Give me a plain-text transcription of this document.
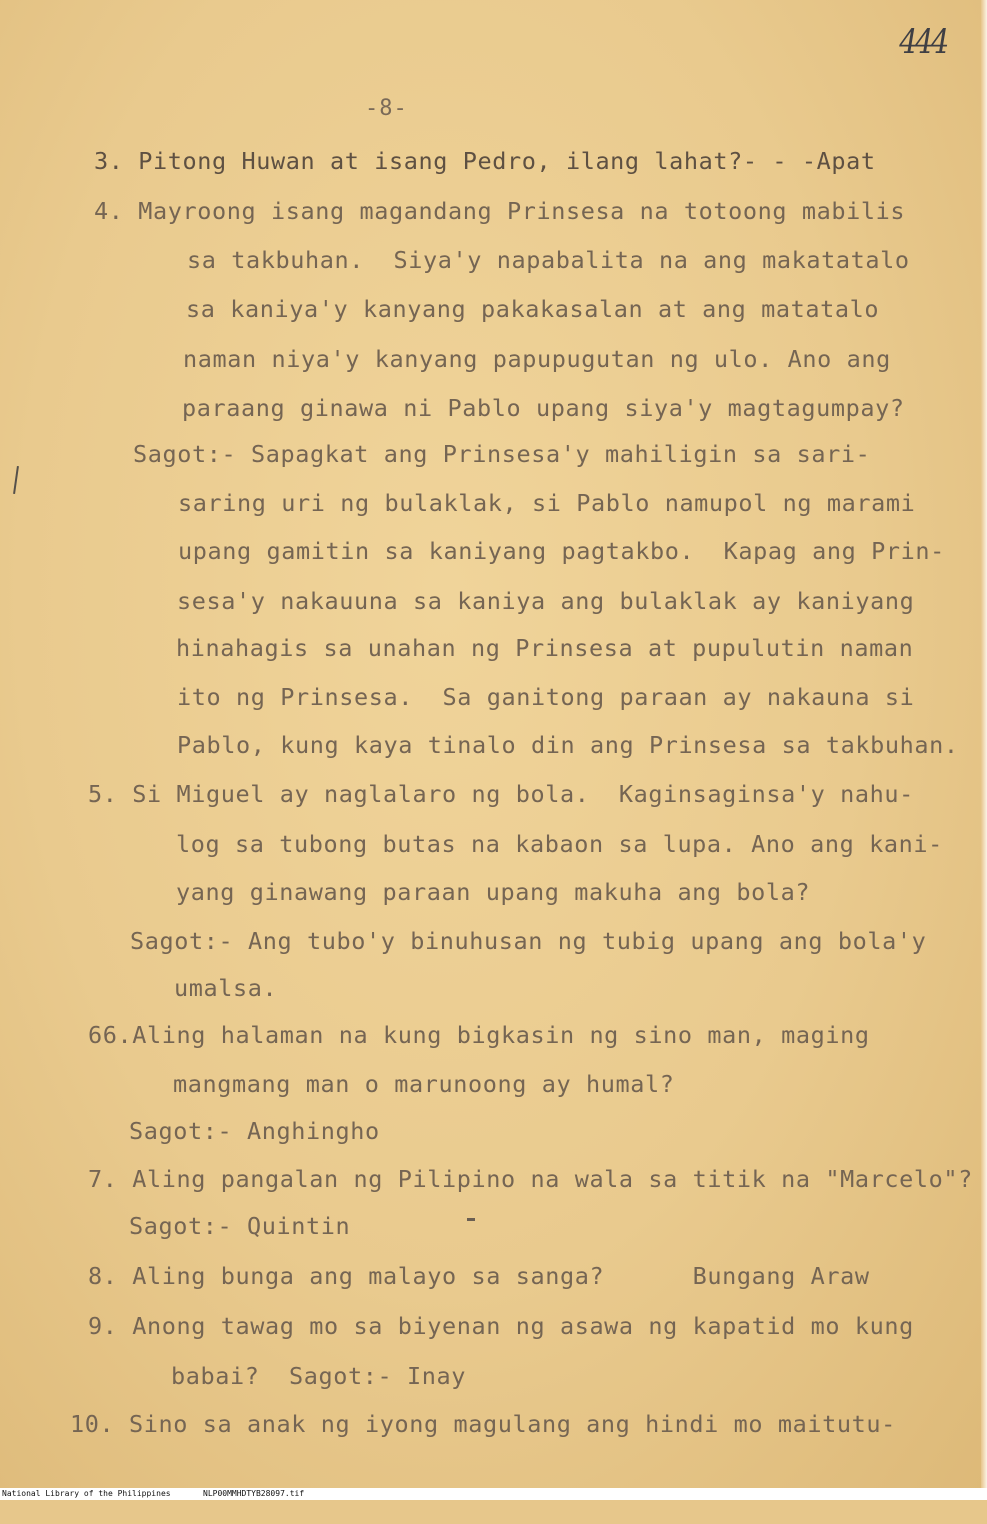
444
-8-
3. Pitong Huwan at isang Pedro, ilang lahat?- - -Apat
4. Mayroong isang magandang Prinsesa na totoong mabilis
sa takbuhan.  Siya'y napabalita na ang makatatalo
sa kaniya'y kanyang pakakasalan at ang matatalo
naman niya'y kanyang papupugutan ng ulo. Ano ang
paraang ginawa ni Pablo upang siya'y magtagumpay?
Sagot:- Sapagkat ang Prinsesa'y mahiligin sa sari-
saring uri ng bulaklak, si Pablo namupol ng marami
upang gamitin sa kaniyang pagtakbo.  Kapag ang Prin-
sesa'y nakauuna sa kaniya ang bulaklak ay kaniyang
hinahagis sa unahan ng Prinsesa at pupulutin naman
ito ng Prinsesa.  Sa ganitong paraan ay nakauna si
Pablo, kung kaya tinalo din ang Prinsesa sa takbuhan.
5. Si Miguel ay naglalaro ng bola.  Kaginsaginsa'y nahu-
log sa tubong butas na kabaon sa lupa. Ano ang kani-
yang ginawang paraan upang makuha ang bola?
Sagot:- Ang tubo'y binuhusan ng tubig upang ang bola'y
umalsa.
66.Aling halaman na kung bigkasin ng sino man, maging
mangmang man o marunoong ay humal?
Sagot:- Anghingho
7. Aling pangalan ng Pilipino na wala sa titik na "Marcelo"?
Sagot:- Quintin
8. Aling bunga ang malayo sa sanga?      Bungang Araw
9. Anong tawag mo sa biyenan ng asawa ng kapatid mo kung
babai?  Sagot:- Inay
10. Sino sa anak ng iyong magulang ang hindi mo maitutu-

National Library of the Philippines

	NLP00MMHDTYB28097.tif
